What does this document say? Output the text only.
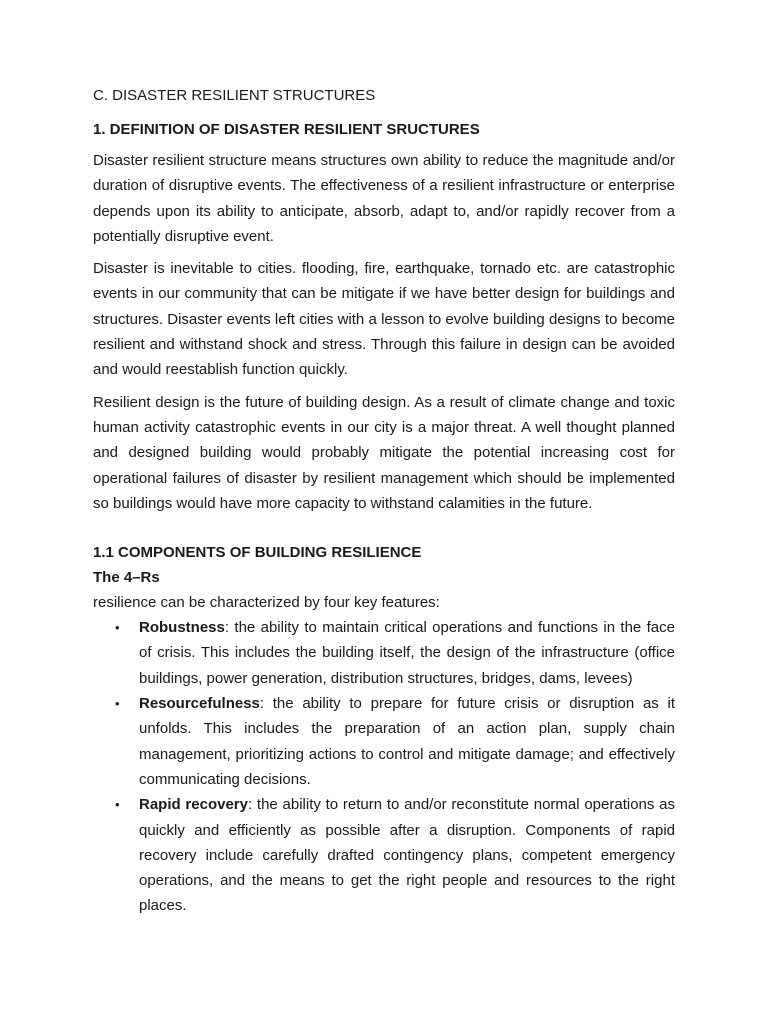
C. DISASTER RESILIENT STRUCTURES
1. DEFINITION OF DISASTER RESILIENT SRUCTURES

Disaster resilient structure means structures own ability to reduce the magnitude and/or duration of disruptive events. The effectiveness of a resilient infrastructure or enterprise depends upon its ability to anticipate, absorb, adapt to, and/or rapidly recover from a potentially disruptive event.

Disaster is inevitable to cities. flooding, fire, earthquake, tornado etc. are catastrophic events in our community that can be mitigate if we have better design for buildings and structures. Disaster events left cities with a lesson to evolve building designs to become resilient and withstand shock and stress. Through this failure in design can be avoided and would reestablish function quickly.

Resilient design is the future of building design. As a result of climate change and toxic human activity catastrophic events in our city is a major threat. A well thought planned and designed building would probably mitigate the potential increasing cost for operational failures of disaster by resilient management which should be implemented so buildings would have more capacity to withstand calamities in the future.

1.1 COMPONENTS OF BUILDING RESILIENCE
The 4–Rs
resilience can be characterized by four key features:
• Robustness: the ability to maintain critical operations and functions in the face of crisis. This includes the building itself, the design of the infrastructure (office buildings, power generation, distribution structures, bridges, dams, levees)
• Resourcefulness: the ability to prepare for future crisis or disruption as it unfolds. This includes the preparation of an action plan, supply chain management, prioritizing actions to control and mitigate damage; and effectively communicating decisions.
• Rapid recovery: the ability to return to and/or reconstitute normal operations as quickly and efficiently as possible after a disruption. Components of rapid recovery include carefully drafted contingency plans, competent emergency operations, and the means to get the right people and resources to the right places.
